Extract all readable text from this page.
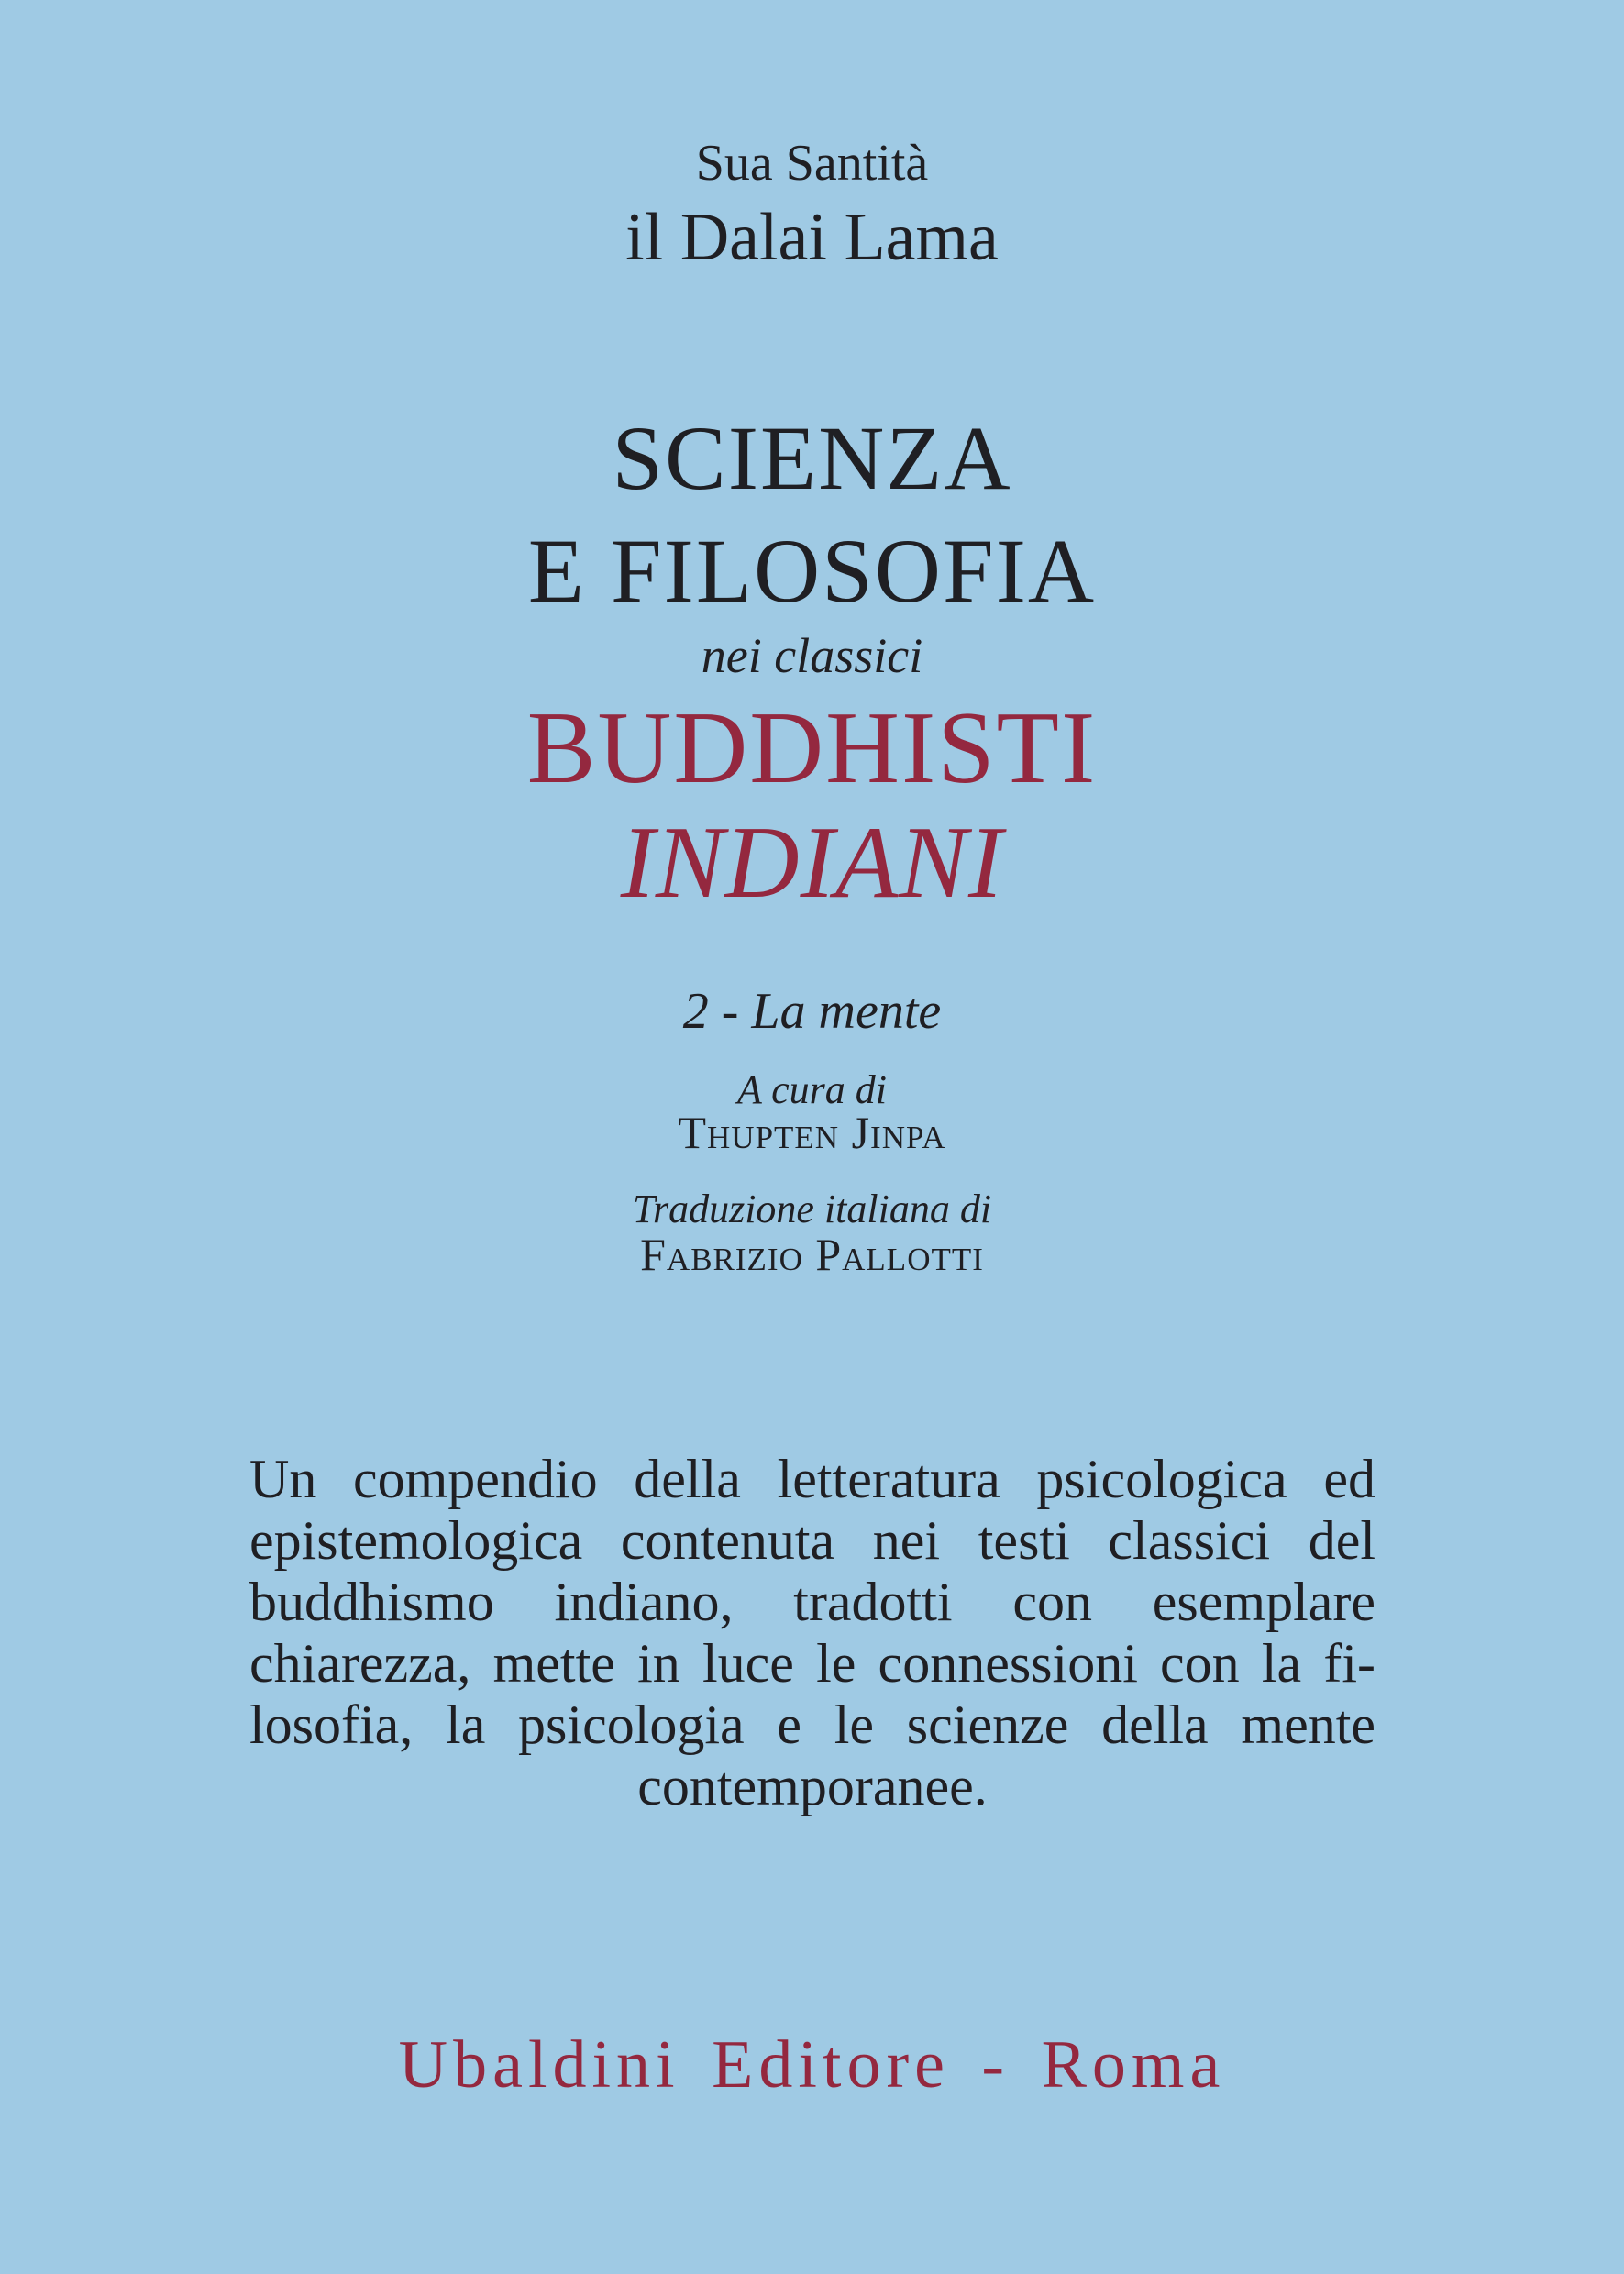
Sua Santità
il Dalai Lama
SCIENZA
E FILOSOFIA
nei classici
BUDDHISTI
INDIANI
2 - La mente
A cura di
Thupten Jinpa
Traduzione italiana di
Fabrizio Pallotti
Un compendio della letteratura psicologica ed epistemologica contenuta nei testi classici del buddhismo indiano, tradotti con esemplare chiarezza, mette in luce le connessioni con la filosofia, la psicologia e le scienze della mente contemporanee.
Ubaldini Editore - Roma
